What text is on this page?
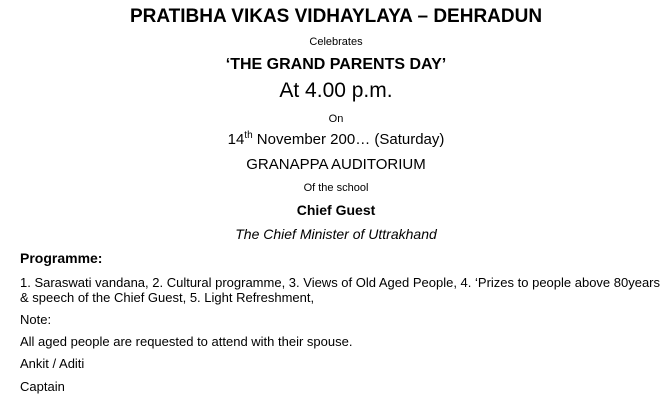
PRATIBHA VIKAS VIDHAYLAYA – DEHRADUN
Celebrates
‘THE GRAND PARENTS DAY’
At 4.00 p.m.
On
14th November 200… (Saturday)
GRANAPPA AUDITORIUM
Of the school
Chief Guest
The Chief Minister of Uttrakhand
Programme:
1. Saraswati vandana, 2. Cultural programme, 3. Views of Old Aged People, 4. ‘Prizes to people above 80years & speech of the Chief Guest, 5. Light Refreshment,
Note:
All aged people are requested to attend with their spouse.
Ankit / Aditi
Captain
